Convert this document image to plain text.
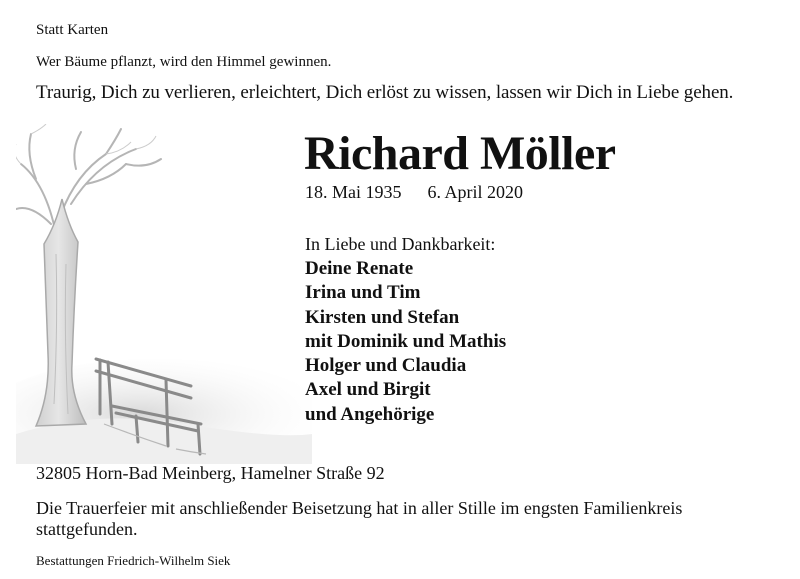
Statt Karten
Wer Bäume pflanzt, wird den Himmel gewinnen.
Traurig, Dich zu verlieren, erleichtert, Dich erlöst zu wissen, lassen wir Dich in Liebe gehen.
Richard Möller
18. Mai 1935 6. April 2020
In Liebe und Dankbarkeit:
Deine Renate
Irina und Tim
Kirsten und Stefan
mit Dominik und Mathis
Holger und Claudia
Axel und Birgit
und Angehörige
32805 Horn-Bad Meinberg, Hamelner Straße 92
Die Trauerfeier mit anschließender Beisetzung hat in aller Stille im engsten Familienkreis stattgefunden.
Bestattungen Friedrich-Wilhelm Siek
